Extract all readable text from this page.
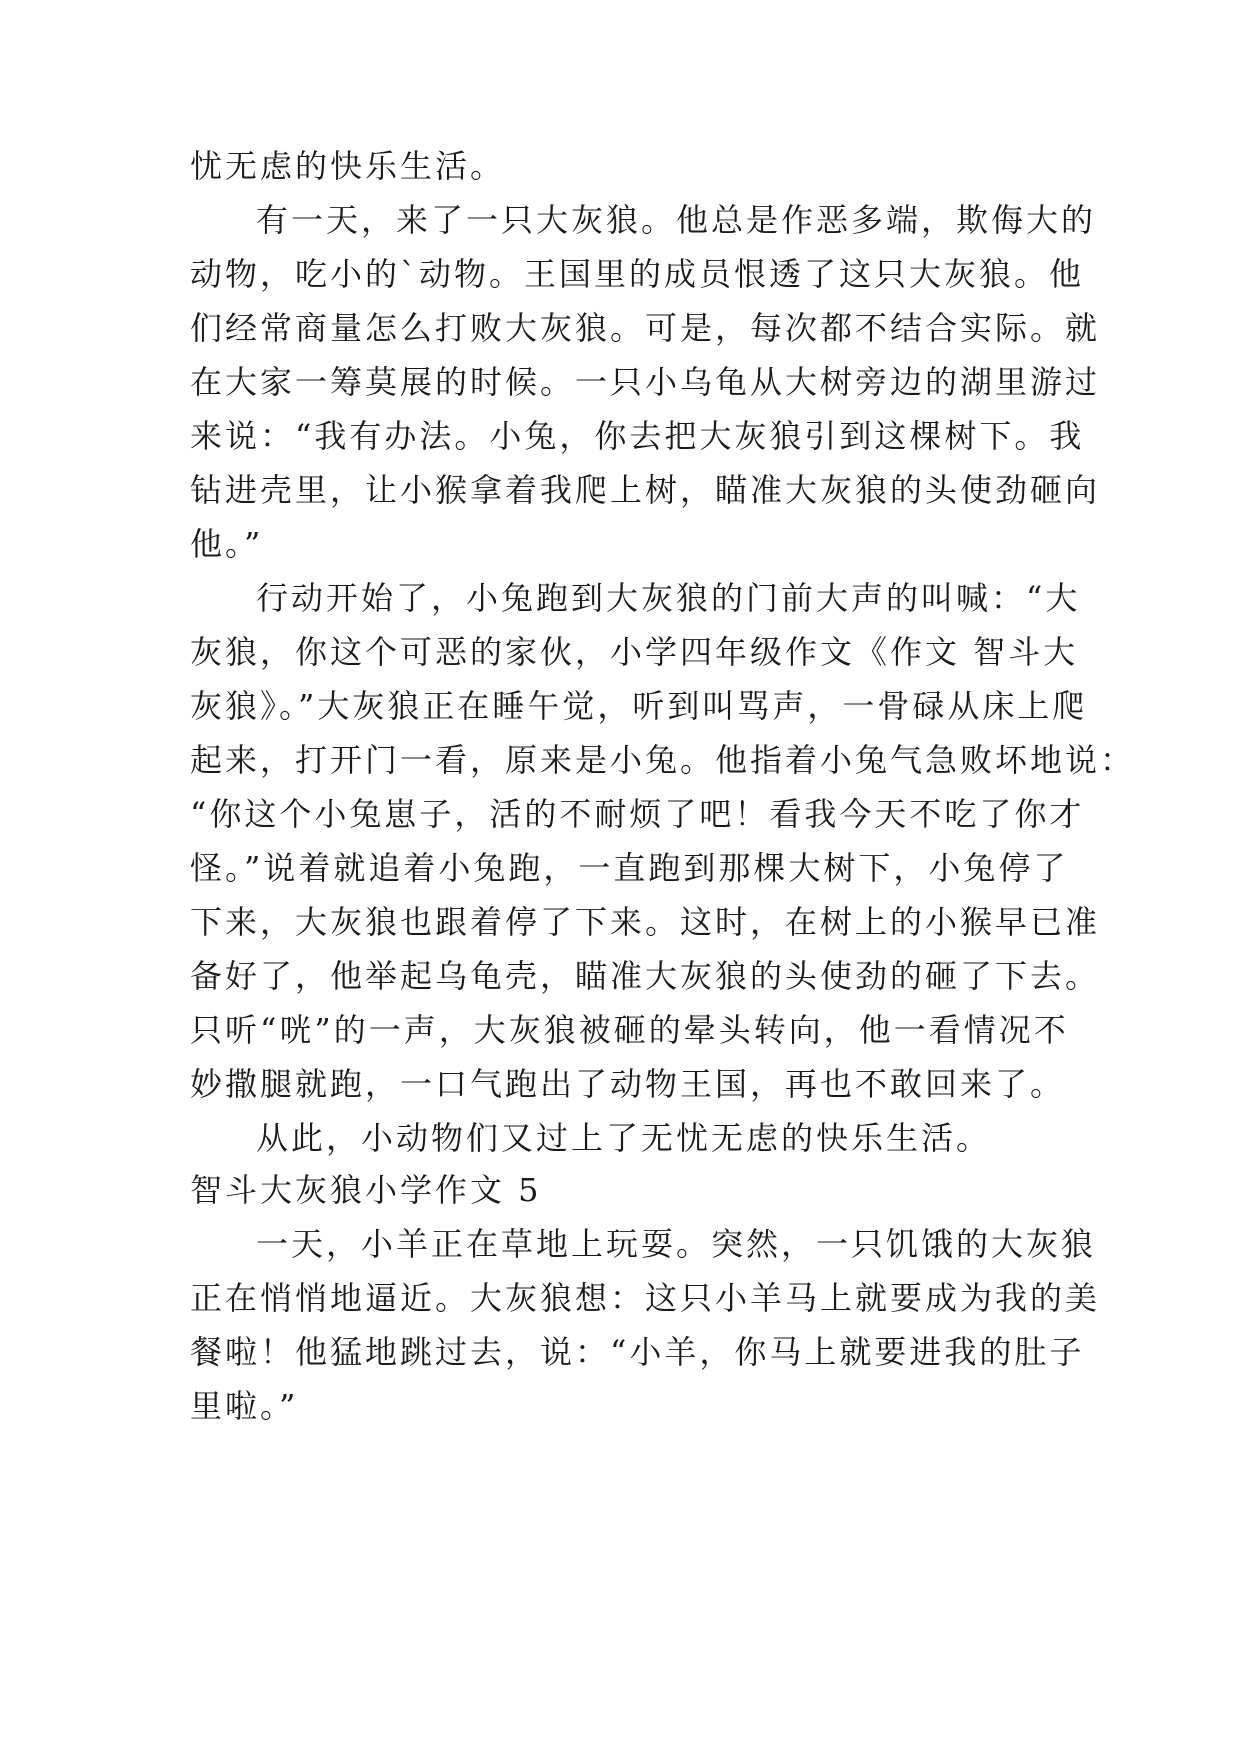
忧无虑的快乐生活。
有一天，来了一只大灰狼。他总是作恶多端，欺侮大的
动物，吃小的`动物。王国里的成员恨透了这只大灰狼。他
们经常商量怎么打败大灰狼。可是，每次都不结合实际。就
在大家一筹莫展的时候。一只小乌龟从大树旁边的湖里游过
来说：“我有办法。小兔，你去把大灰狼引到这棵树下。我
钻进壳里，让小猴拿着我爬上树，瞄准大灰狼的头使劲砸向
他。”
行动开始了，小兔跑到大灰狼的门前大声的叫喊：“大
灰狼，你这个可恶的家伙，小学四年级作文《作文 智斗大
灰狼》。”大灰狼正在睡午觉，听到叫骂声，一骨碌从床上爬
起来，打开门一看，原来是小兔。他指着小兔气急败坏地说：
“你这个小兔崽子，活的不耐烦了吧！看我今天不吃了你才
怪。”说着就追着小兔跑，一直跑到那棵大树下，小兔停了
下来，大灰狼也跟着停了下来。这时，在树上的小猴早已准
备好了，他举起乌龟壳，瞄准大灰狼的头使劲的砸了下去。
只听“咣”的一声，大灰狼被砸的晕头转向，他一看情况不
妙撒腿就跑，一口气跑出了动物王国，再也不敢回来了。
从此，小动物们又过上了无忧无虑的快乐生活。
智斗大灰狼小学作文 5
一天，小羊正在草地上玩耍。突然，一只饥饿的大灰狼
正在悄悄地逼近。大灰狼想：这只小羊马上就要成为我的美
餐啦！他猛地跳过去，说：“小羊，你马上就要进我的肚子
里啦。”
